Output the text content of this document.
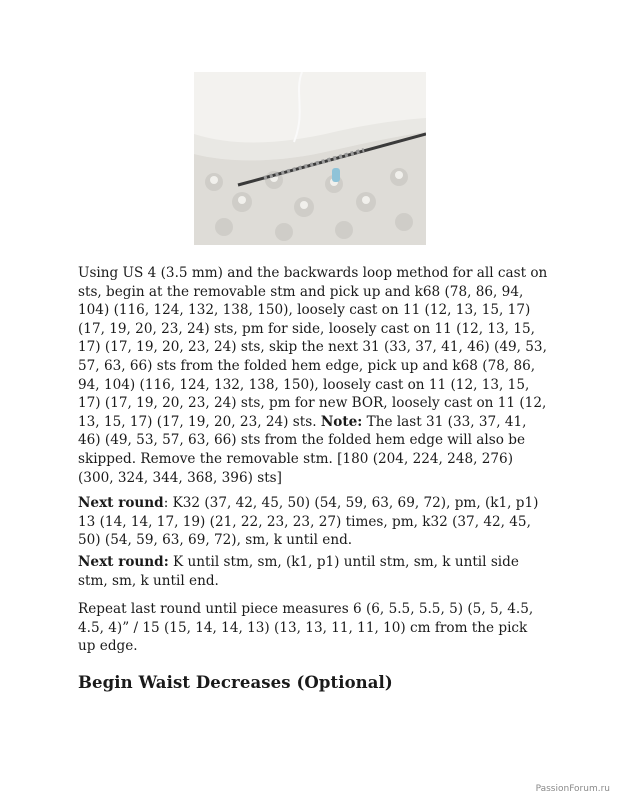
Using US 4 (3.5 mm) and the backwards loop method for all cast on sts, begin at the removable stm and pick up and k68 (78, 86, 94, 104) (116, 124, 132, 138, 150), loosely cast on 11 (12, 13, 15, 17) (17, 19, 20, 23, 24) sts, pm for side, loosely cast on 11 (12, 13, 15, 17) (17, 19, 20, 23, 24) sts, skip the next 31 (33, 37, 41, 46) (49, 53, 57, 63, 66) sts from the folded hem edge, pick up and k68 (78, 86, 94, 104) (116, 124, 132, 138, 150), loosely cast on 11 (12, 13, 15, 17) (17, 19, 20, 23, 24) sts, pm for new BOR, loosely cast on 11 (12, 13, 15, 17) (17, 19, 20, 23, 24) sts. Note: The last 31 (33, 37, 41, 46) (49, 53, 57, 63, 66) sts from the folded hem edge will also be skipped. Remove the removable stm. [180 (204, 224, 248, 276) (300, 324, 344, 368, 396) sts]
Next round: K32 (37, 42, 45, 50) (54, 59, 63, 69, 72), pm, (k1, p1) 13 (14, 14, 17, 19) (21, 22, 23, 23, 27) times, pm, k32 (37, 42, 45, 50) (54, 59, 63, 69, 72), sm, k until end.
Next round: K until stm, sm, (k1, p1) until stm, sm, k until side stm, sm, k until end.
Repeat last round until piece measures 6 (6, 5.5, 5.5, 5) (5, 5, 4.5, 4.5, 4)” / 15 (15, 14, 14, 13) (13, 13, 11, 11, 10) cm from the pick up edge.
Begin Waist Decreases (Optional)
PassionForum.ru
